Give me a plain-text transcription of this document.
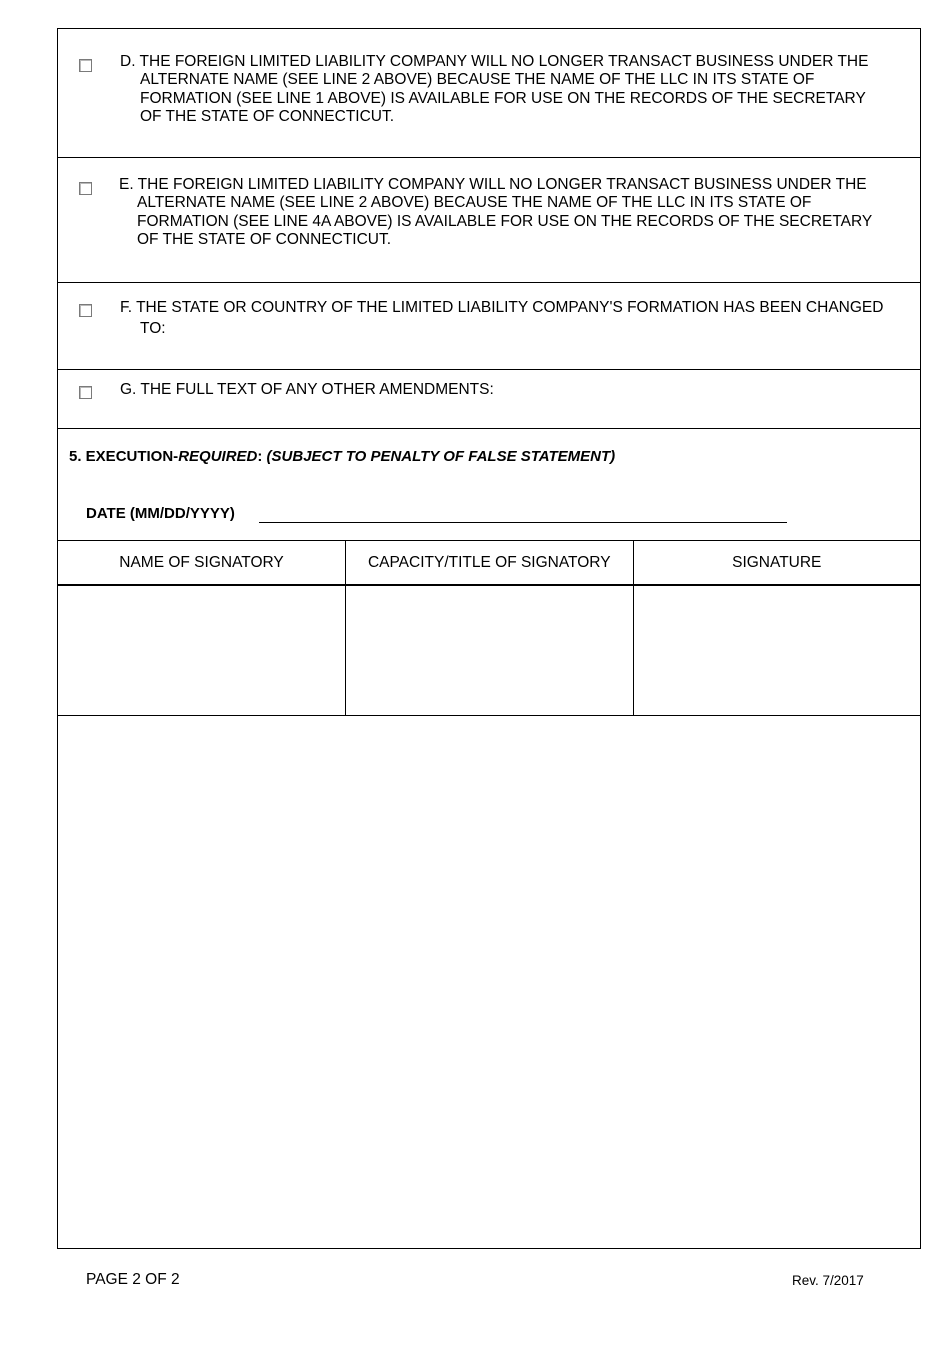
D. THE FOREIGN LIMITED LIABILITY COMPANY WILL NO LONGER TRANSACT BUSINESS UNDER THE
ALTERNATE NAME (SEE LINE 2 ABOVE) BECAUSE THE NAME OF THE LLC IN ITS STATE OF
FORMATION (SEE LINE 1 ABOVE) IS AVAILABLE FOR USE ON THE RECORDS OF THE SECRETARY
OF THE STATE OF CONNECTICUT.
E. THE FOREIGN LIMITED LIABILITY COMPANY WILL NO LONGER TRANSACT BUSINESS UNDER THE
ALTERNATE NAME (SEE LINE 2 ABOVE) BECAUSE THE NAME OF THE LLC IN ITS STATE OF
FORMATION (SEE LINE 4A ABOVE) IS AVAILABLE FOR USE ON THE RECORDS OF THE SECRETARY
OF THE STATE OF CONNECTICUT.
F. THE STATE OR COUNTRY OF THE LIMITED LIABILITY COMPANY'S FORMATION HAS BEEN CHANGED
TO:
G. THE FULL TEXT OF ANY OTHER AMENDMENTS:
5. EXECUTION-REQUIRED: (SUBJECT TO PENALTY OF FALSE STATEMENT)
DATE (MM/DD/YYYY)
NAME OF SIGNATORY	CAPACITY/TITLE OF SIGNATORY	SIGNATURE

PAGE 2 OF 2	Rev. 7/2017
